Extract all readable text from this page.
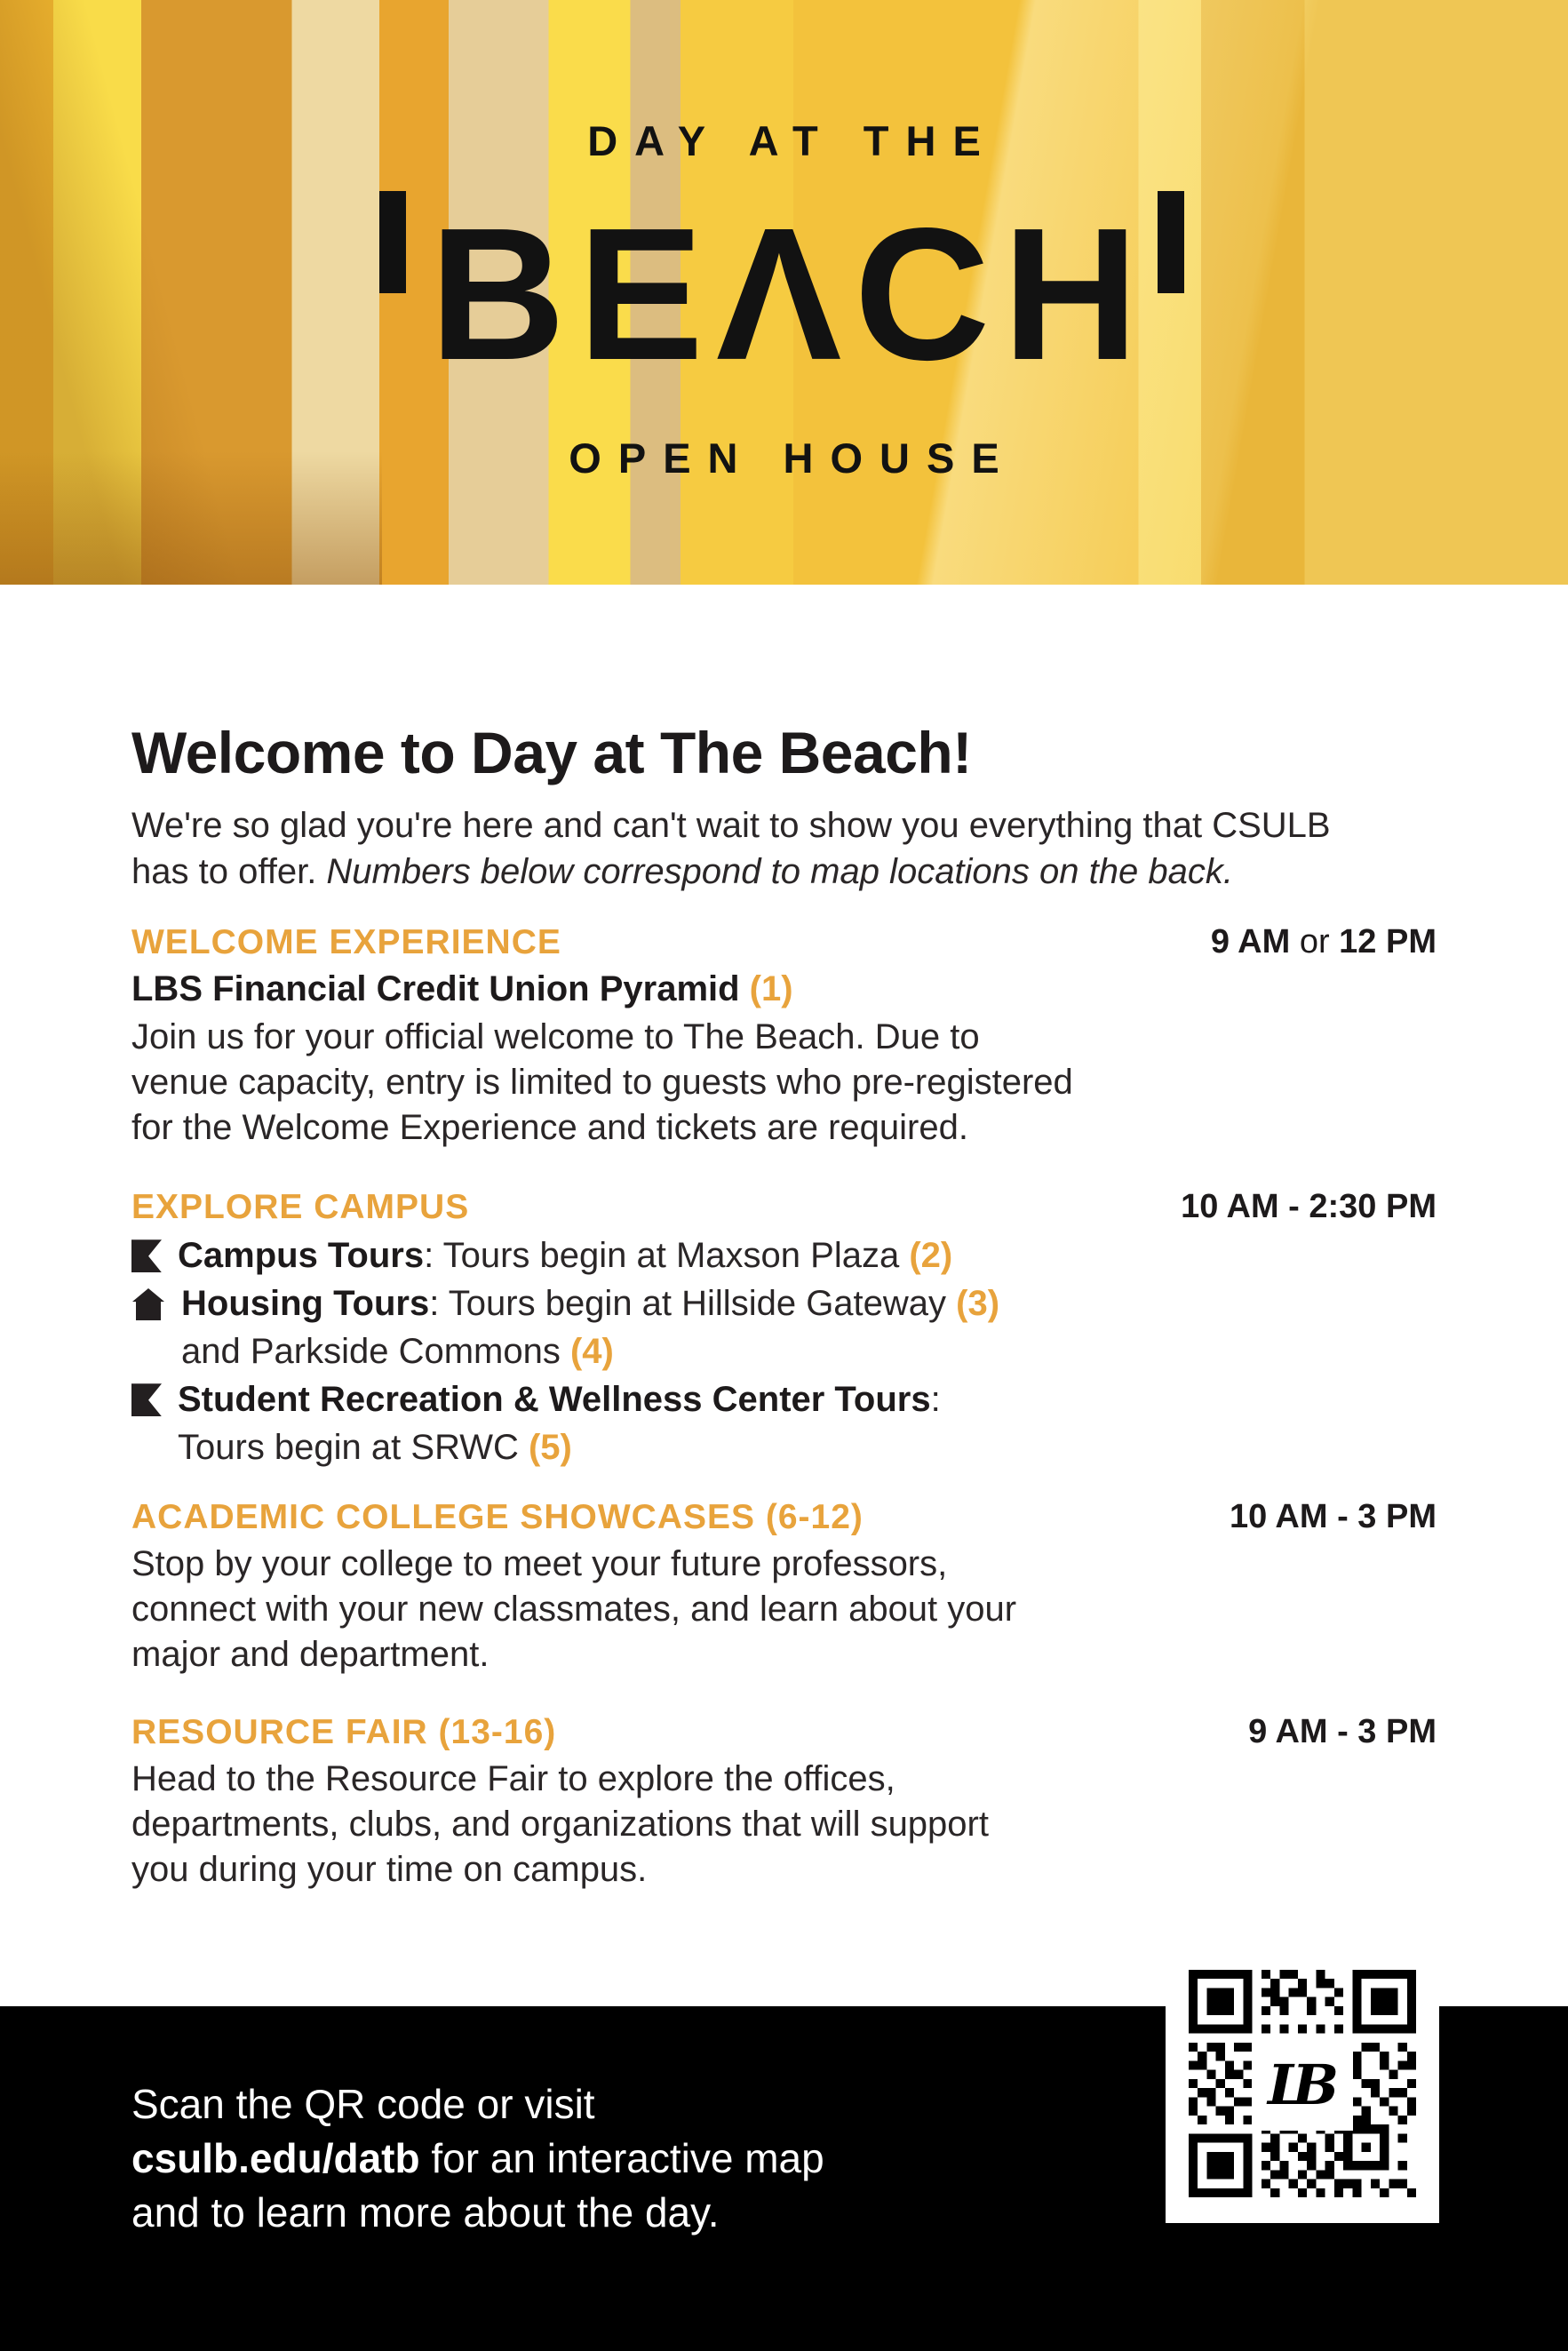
DAY AT THE
BEΛCH
OPEN HOUSE
Welcome to Day at The Beach!
We're so glad you're here and can't wait to show you everything that CSULB
has to offer. Numbers below correspond to map locations on the back.
WELCOME EXPERIENCE
LBS Financial Credit Union Pyramid (1)
Join us for your official welcome to The Beach. Due to
venue capacity, entry is limited to guests who pre-registered
for the Welcome Experience and tickets are required.
9 AM or 12 PM
EXPLORE CAMPUS
Campus Tours: Tours begin at Maxson Plaza (2)
Housing Tours: Tours begin at Hillside Gateway (3)
and Parkside Commons (4)
Student Recreation & Wellness Center Tours:
Tours begin at SRWC (5)
10 AM - 2:30 PM
ACADEMIC COLLEGE SHOWCASES (6-12)
Stop by your college to meet your future professors,
connect with your new classmates, and learn about your
major and department.
10 AM - 3 PM
RESOURCE FAIR (13-16)
Head to the Resource Fair to explore the offices,
departments, clubs, and organizations that will support
you during your time on campus.
9 AM - 3 PM
Scan the QR code or visit
csulb.edu/datb for an interactive map
and to learn more about the day.
LB
